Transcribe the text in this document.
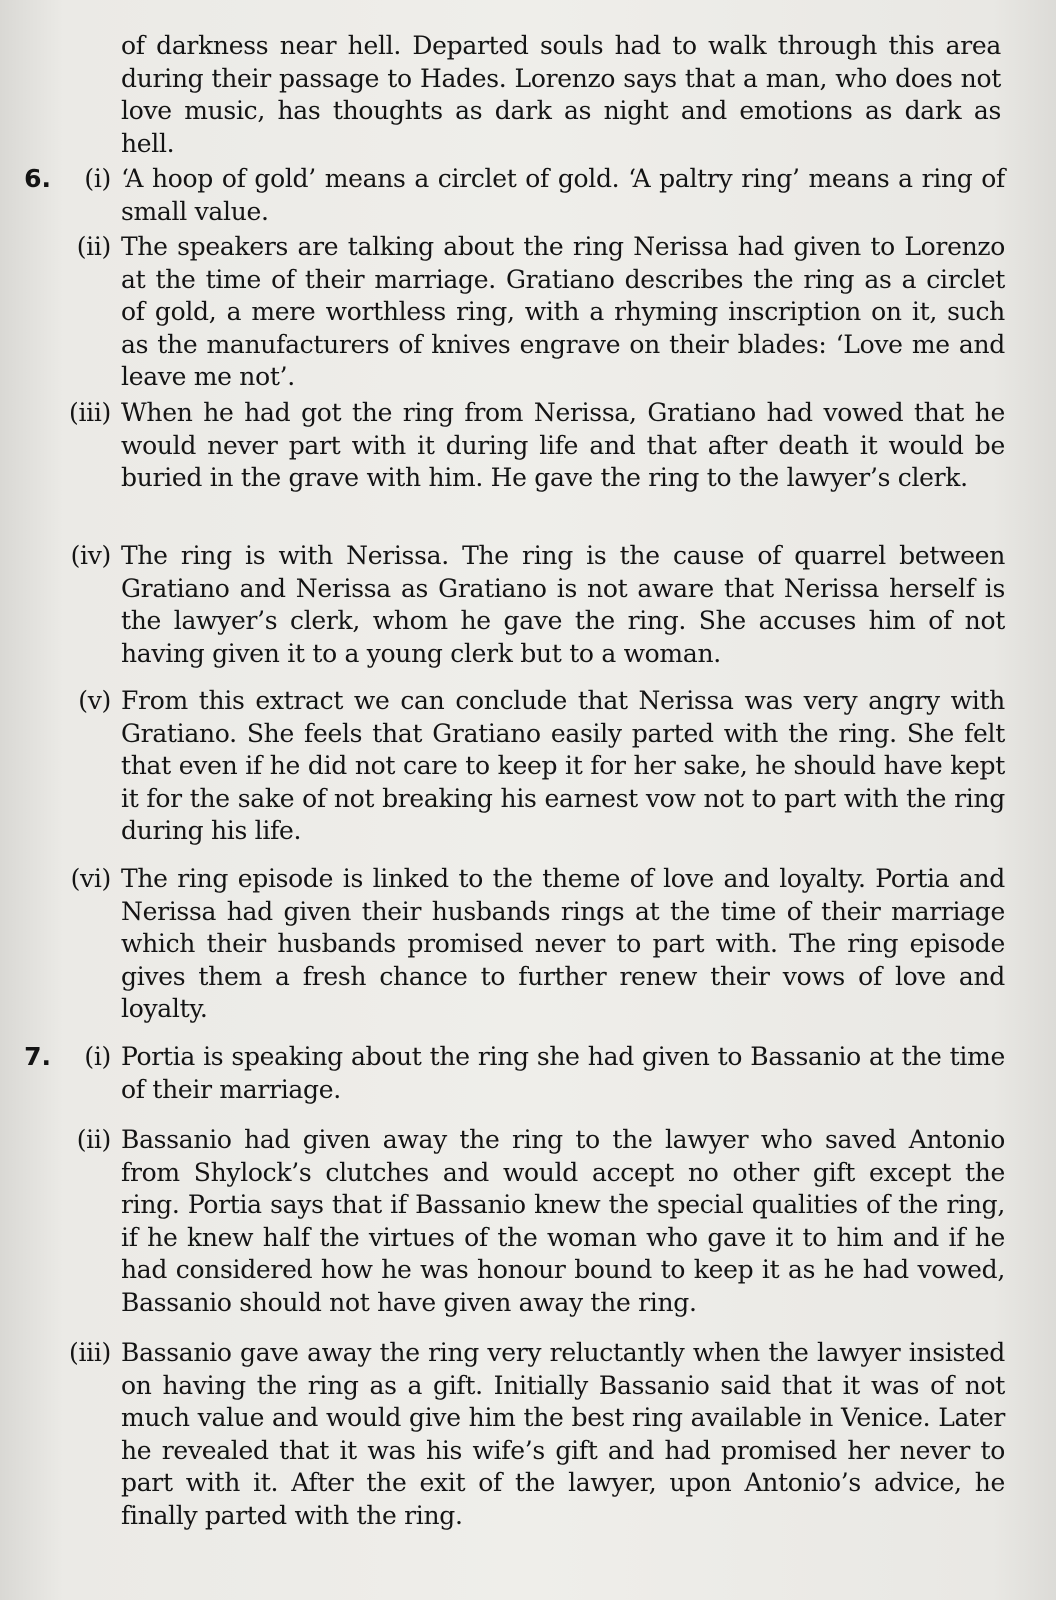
of darkness near hell. Departed souls had to walk through this area during their passage to Hades. Lorenzo says that a man, who does not love music, has thoughts as dark as night and emotions as dark as hell.

6. (i) ‘A hoop of gold’ means a circlet of gold. ‘A paltry ring’ means a ring of small value.
(ii) The speakers are talking about the ring Nerissa had given to Lorenzo at the time of their marriage. Gratiano describes the ring as a circlet of gold, a mere worthless ring, with a rhyming inscription on it, such as the manufacturers of knives engrave on their blades: ‘Love me and leave me not’.
(iii) When he had got the ring from Nerissa, Gratiano had vowed that he would never part with it during life and that after death it would be buried in the grave with him. He gave the ring to the lawyer’s clerk.
(iv) The ring is with Nerissa. The ring is the cause of quarrel between Gratiano and Nerissa as Gratiano is not aware that Nerissa herself is the lawyer’s clerk, whom he gave the ring. She accuses him of not having given it to a young clerk but to a woman.
(v) From this extract we can conclude that Nerissa was very angry with Gratiano. She feels that Gratiano easily parted with the ring. She felt that even if he did not care to keep it for her sake, he should have kept it for the sake of not breaking his earnest vow not to part with the ring during his life.
(vi) The ring episode is linked to the theme of love and loyalty. Portia and Nerissa had given their husbands rings at the time of their marriage which their husbands promised never to part with. The ring episode gives them a fresh chance to further renew their vows of love and loyalty.
7. (i) Portia is speaking about the ring she had given to Bassanio at the time of their marriage.
(ii) Bassanio had given away the ring to the lawyer who saved Antonio from Shylock’s clutches and would accept no other gift except the ring. Portia says that if Bassanio knew the special qualities of the ring, if he knew half the virtues of the woman who gave it to him and if he had considered how he was honour bound to keep it as he had vowed, Bassanio should not have given away the ring.
(iii) Bassanio gave away the ring very reluctantly when the lawyer insisted on having the ring as a gift. Initially Bassanio said that it was of not much value and would give him the best ring available in Venice. Later he revealed that it was his wife’s gift and had promised her never to part with it. After the exit of the lawyer, upon Antonio’s advice, he finally parted with the ring.
